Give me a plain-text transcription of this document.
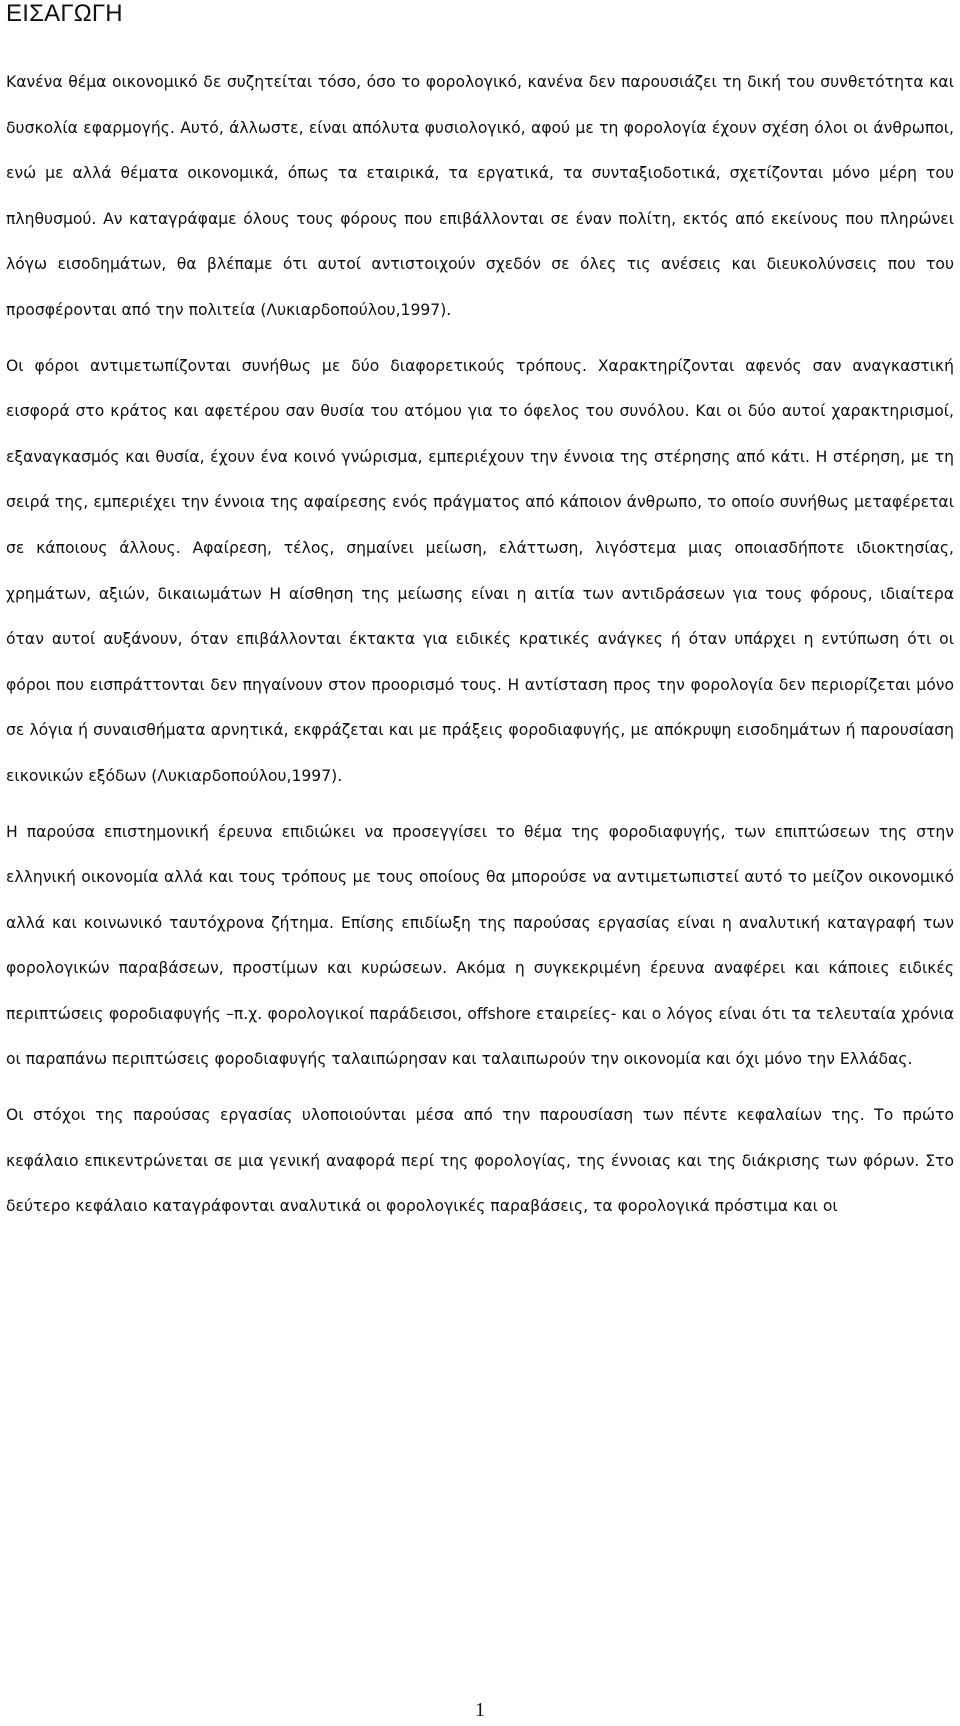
ΕΙΣΑΓΩΓΗ

Κανένα θέμα οικονομικό δε συζητείται τόσο, όσο το φορολογικό, κανένα δεν παρουσιάζει τη δική του συνθετότητα και δυσκολία εφαρμογής. Αυτό, άλλωστε, είναι απόλυτα φυσιολογικό, αφού με τη φορολογία έχουν σχέση όλοι οι άνθρωποι, ενώ με αλλά θέματα οικονομικά, όπως τα εταιρικά, τα εργατικά, τα συνταξιοδοτικά, σχετίζονται μόνο μέρη του πληθυσμού. Αν καταγράφαμε όλους τους φόρους που επιβάλλονται σε έναν πολίτη, εκτός από εκείνους που πληρώνει λόγω εισοδημάτων, θα βλέπαμε ότι αυτοί αντιστοιχούν σχεδόν σε όλες τις ανέσεις και διευκολύνσεις που του προσφέρονται από την πολιτεία (Λυκιαρδοπούλου,1997).

Οι φόροι αντιμετωπίζονται συνήθως με δύο διαφορετικούς τρόπους. Χαρακτηρίζονται αφενός σαν αναγκαστική εισφορά στο κράτος και αφετέρου σαν θυσία του ατόμου για το όφελος του συνόλου. Και οι δύο αυτοί χαρακτηρισμοί, εξαναγκασμός και θυσία, έχουν ένα κοινό γνώρισμα, εμπεριέχουν την έννοια της στέρησης από κάτι. Η στέρηση, με τη σειρά της, εμπεριέχει την έννοια της αφαίρεσης ενός πράγματος από κάποιον άνθρωπο, το οποίο συνήθως μεταφέρεται σε κάποιους άλλους. Αφαίρεση, τέλος, σημαίνει μείωση, ελάττωση, λιγόστεμα μιας οποιασδήποτε ιδιοκτησίας, χρημάτων, αξιών, δικαιωμάτων Η αίσθηση της μείωσης είναι η αιτία των αντιδράσεων για τους φόρους, ιδιαίτερα όταν αυτοί αυξάνουν, όταν επιβάλλονται έκτακτα για ειδικές κρατικές ανάγκες ή όταν υπάρχει η εντύπωση ότι οι φόροι που εισπράττονται δεν πηγαίνουν στον προορισμό τους. Η αντίσταση προς την φορολογία δεν περιορίζεται μόνο σε λόγια ή συναισθήματα αρνητικά, εκφράζεται και με πράξεις φοροδιαφυγής, με απόκρυψη εισοδημάτων ή παρουσίαση εικονικών εξόδων (Λυκιαρδοπούλου,1997).

Η παρούσα επιστημονική έρευνα επιδιώκει να προσεγγίσει το θέμα της φοροδιαφυγής, των επιπτώσεων της στην ελληνική οικονομία αλλά και τους τρόπους με τους οποίους θα μπορούσε να αντιμετωπιστεί αυτό το μείζον οικονομικό αλλά και κοινωνικό ταυτόχρονα ζήτημα. Επίσης επιδίωξη της παρούσας εργασίας είναι η αναλυτική καταγραφή των φορολογικών παραβάσεων, προστίμων και κυρώσεων. Ακόμα η συγκεκριμένη έρευνα αναφέρει και κάποιες ειδικές περιπτώσεις φοροδιαφυγής –π.χ. φορολογικοί παράδεισοι, offshore εταιρείες- και ο λόγος είναι ότι τα τελευταία χρόνια οι παραπάνω περιπτώσεις φοροδιαφυγής ταλαιπώρησαν και ταλαιπωρούν την οικονομία και όχι μόνο την Ελλάδας.

Οι στόχοι της παρούσας εργασίας υλοποιούνται μέσα από την παρουσίαση των πέντε κεφαλαίων της. Το πρώτο κεφάλαιο επικεντρώνεται σε μια γενική αναφορά περί της φορολογίας, της έννοιας και της διάκρισης των φόρων. Στο δεύτερο κεφάλαιο καταγράφονται αναλυτικά οι φορολογικές παραβάσεις, τα φορολογικά πρόστιμα και οι

1
